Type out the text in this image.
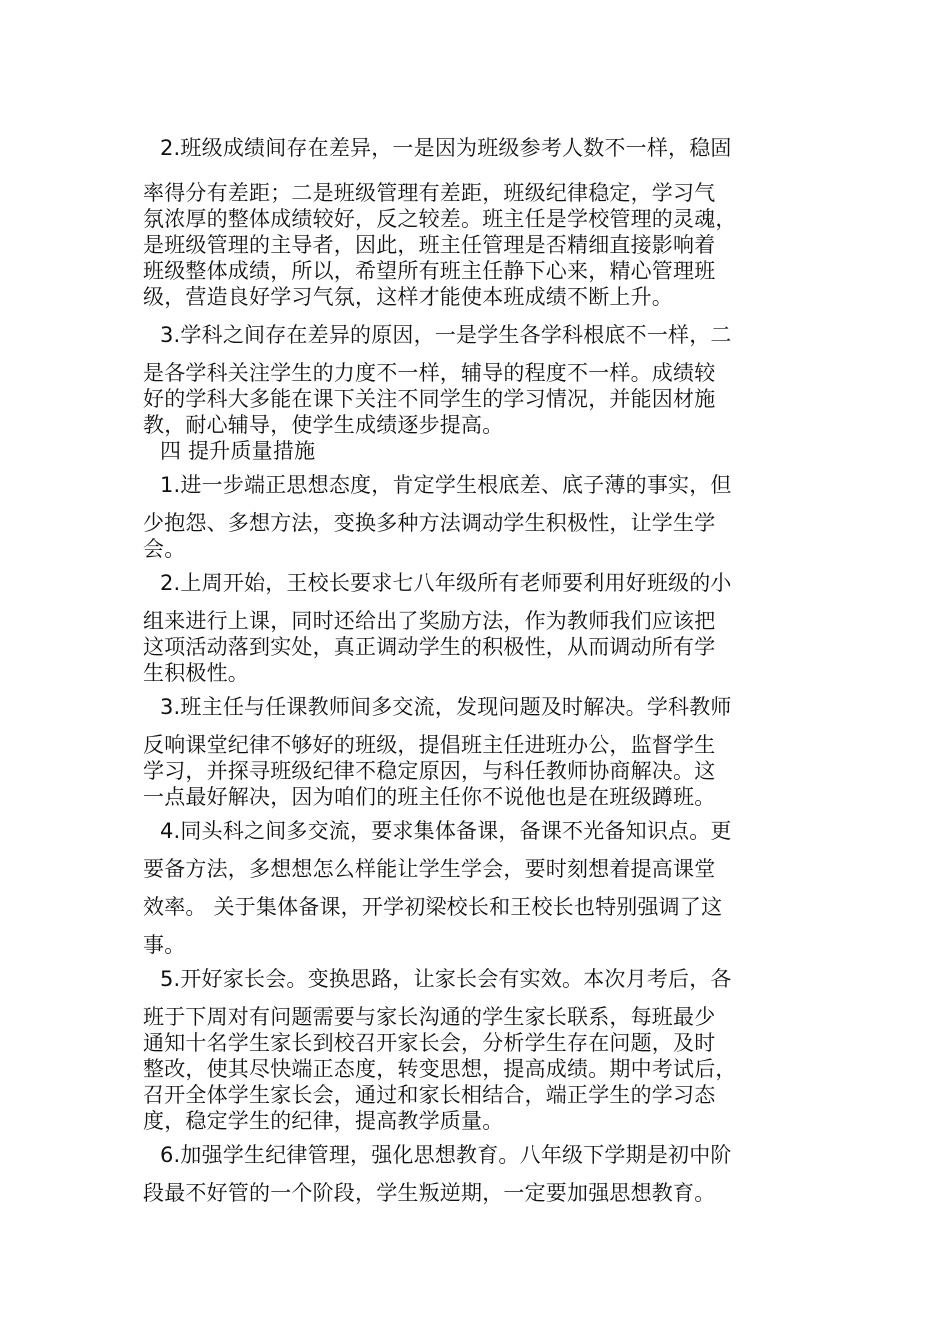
2.班级成绩间存在差异，一是因为班级参考人数不一样，稳固
率得分有差距；二是班级管理有差距，班级纪律稳定，学习气
氛浓厚的整体成绩较好，反之较差。班主任是学校管理的灵魂，
是班级管理的主导者，因此，班主任管理是否精细直接影响着
班级整体成绩，所以，希望所有班主任静下心来，精心管理班
级，营造良好学习气氛，这样才能使本班成绩不断上升。
3.学科之间存在差异的原因，一是学生各学科根底不一样，二
是各学科关注学生的力度不一样，辅导的程度不一样。成绩较
好的学科大多能在课下关注不同学生的学习情况，并能因材施
教，耐心辅导，使学生成绩逐步提高。
四 提升质量措施
1.进一步端正思想态度，肯定学生根底差、底子薄的事实，但
少抱怨、多想方法，变换多种方法调动学生积极性，让学生学
会。
2.上周开始，王校长要求七八年级所有老师要利用好班级的小
组来进行上课，同时还给出了奖励方法，作为教师我们应该把
这项活动落到实处，真正调动学生的积极性，从而调动所有学
生积极性。
3.班主任与任课教师间多交流，发现问题及时解决。学科教师
反响课堂纪律不够好的班级，提倡班主任进班办公，监督学生
学习，并探寻班级纪律不稳定原因，与科任教师协商解决。这
一点最好解决，因为咱们的班主任你不说他也是在班级蹲班。
4.同头科之间多交流，要求集体备课，备课不光备知识点。更
要备方法，多想想怎么样能让学生学会，要时刻想着提高课堂
效率。 关于集体备课，开学初梁校长和王校长也特别强调了这
事。
5.开好家长会。变换思路，让家长会有实效。本次月考后，各
班于下周对有问题需要与家长沟通的学生家长联系，每班最少
通知十名学生家长到校召开家长会，分析学生存在问题，及时
整改，使其尽快端正态度，转变思想，提高成绩。期中考试后，
召开全体学生家长会，通过和家长相结合，端正学生的学习态
度，稳定学生的纪律，提高教学质量。
6.加强学生纪律管理，强化思想教育。八年级下学期是初中阶
段最不好管的一个阶段，学生叛逆期，一定要加强思想教育。
